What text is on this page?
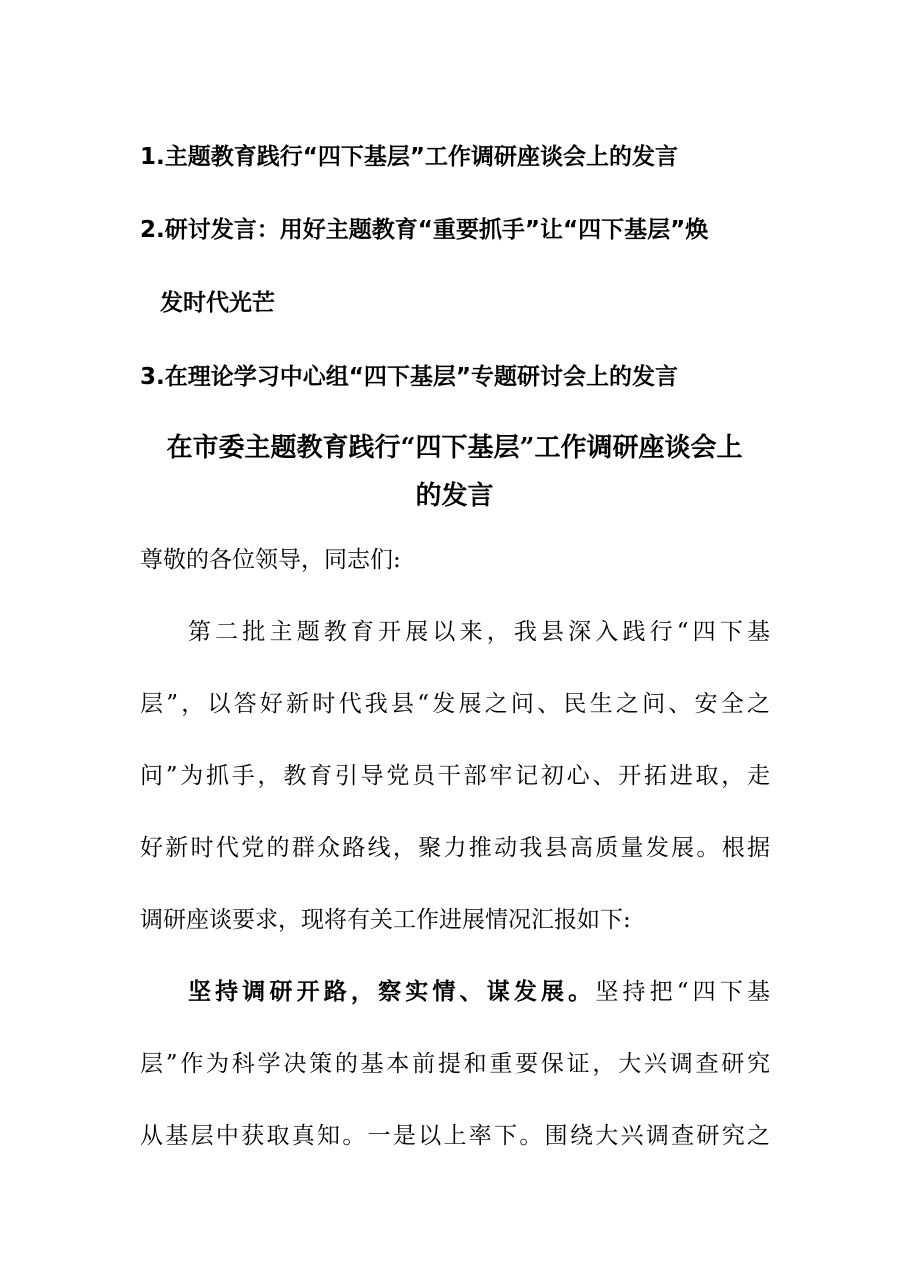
1.主题教育践行“四下基层”工作调研座谈会上的发言
2.研讨发言：用好主题教育“重要抓手”让“四下基层”焕
发时代光芒
3.在理论学习中心组“四下基层”专题研讨会上的发言
在市委主题教育践行“四下基层”工作调研座谈会上
的发言
尊敬的各位领导，同志们:
第二批主题教育开展以来，我县深入践行“四下基
层”，以答好新时代我县“发展之问、民生之问、安全之
问”为抓手，教育引导党员干部牢记初心、开拓进取，走
好新时代党的群众路线，聚力推动我县高质量发展。根据
调研座谈要求，现将有关工作进展情况汇报如下:
坚持调研开路，察实情、谋发展。坚持把“四下基
层”作为科学决策的基本前提和重要保证，大兴调查研究
从基层中获取真知。一是以上率下。围绕大兴调查研究之
